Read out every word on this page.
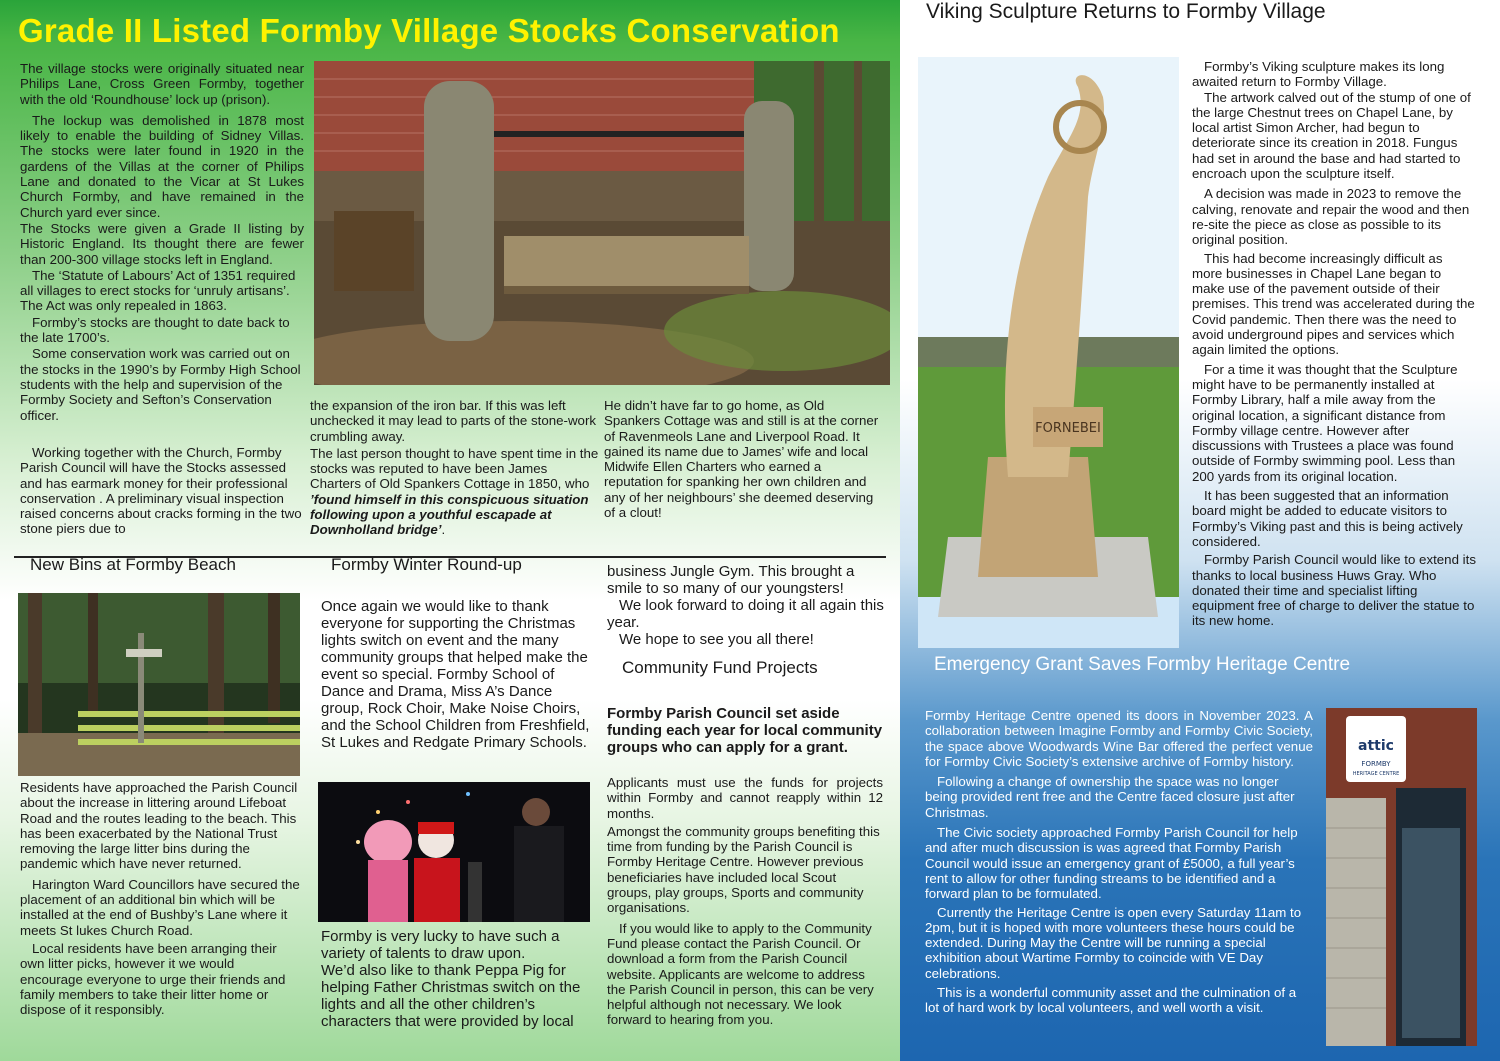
Grade II Listed Formby Village Stocks Conservation

The village stocks were originally situated near Philips Lane, Cross Green Formby, together with the old ‘Roundhouse’ lock up (prison).

The lockup was demolished in 1878 most likely to enable the building of Sidney Villas. The stocks were later found in 1920 in the gardens of the Villas at the corner of Philips Lane and donated to the Vicar at St Lukes Church Formby, and have remained in the Church yard ever since.

The Stocks were given a Grade II listing by Historic England. Its thought there are fewer than 200-300 village stocks left in England.

The ‘Statute of Labours’ Act of 1351 required all villages to erect stocks for ‘unruly artisans’. The Act was only repealed in 1863.

Formby’s stocks are thought to date back to the late 1700’s.

Some conservation work was carried out on the stocks in the 1990’s by Formby High School students with the help and supervision of the Formby Society and Sefton’s Conservation officer.

Working together with the Church, Formby Parish Council will have the Stocks assessed and has earmark money for their professional conservation . A preliminary visual inspection raised concerns about cracks forming in the two stone piers due to

the expansion of the iron bar. If this was left unchecked it may lead to parts of the stone-work crumbling away.

The last person thought to have spent time in the stocks was reputed to have been James Charters of Old Spankers Cottage in 1850, who ’found himself in this conspicuous situation following upon a youthful escapade at Downholland bridge’.

He didn’t have far to go home, as Old Spankers Cottage was and still is at the corner of Ravenmeols Lane and Liverpool Road. It gained its name due to James’ wife and local Midwife Ellen Charters who earned a reputation for spanking her own children and any of her neighbours’ she deemed deserving of a clout!

New Bins at Formby Beach

Residents have approached the Parish Council about the increase in littering around Lifeboat Road and the routes leading to the beach. This has been exacerbated by the National Trust removing the large litter bins during the pandemic which have never returned.

Harington Ward Councillors have secured the placement of an additional bin which will be installed at the end of Bushby’s Lane where it meets St lukes Church Road.

Local residents have been arranging their own litter picks, however it we would encourage everyone to urge their friends and family members to take their litter home or dispose of it responsibly.

Formby Winter Round-up

Once again we would like to thank everyone for supporting the Christmas lights switch on event and the many community groups that helped make the event so special. Formby School of Dance and Drama, Miss A’s Dance group, Rock Choir, Make Noise Choirs, and the School Children from Freshfield, St Lukes and Redgate Primary Schools.

Formby is very lucky to have such a variety of talents to draw upon.

We’d also like to thank Peppa Pig for helping Father Christmas switch on the lights and all the other children’s characters that were provided by local

business Jungle Gym. This brought a smile to so many of our youngsters!

We look forward to doing it all again this year.

We hope to see you all there!

Community Fund Projects
Formby Parish Council set aside funding each year for local community groups who can apply for a grant.

Applicants must use the funds for projects within Formby and cannot reapply within 12 months.

Amongst the community groups benefiting this time from funding by the Parish Council is Formby Heritage Centre. However previous beneficiaries have included local Scout groups, play groups, Sports and community organisations.

If you would like to apply to the Community Fund please contact the Parish Council. Or download a form from the Parish Council website. Applicants are welcome to address the Parish Council in person, this can be very helpful although not necessary. We look forward to hearing from you.

Viking Sculpture Returns to Formby Village
FORNEBEI

Formby’s Viking sculpture makes its long awaited return to Formby Village.

The artwork calved out of the stump of one of the large Chestnut trees on Chapel Lane, by local artist Simon Archer, had begun to deteriorate since its creation in 2018. Fungus had set in around the base and had started to encroach upon the sculpture itself.

A decision was made in 2023 to remove the calving, renovate and repair the wood and then re-site the piece as close as possible to its original position.

This had become increasingly difficult as more businesses in Chapel Lane began to make use of the pavement outside of their premises. This trend was accelerated during the Covid pandemic. Then there was the need to avoid underground pipes and services which again limited the options.

For a time it was thought that the Sculpture might have to be permanently installed at Formby Library, half a mile away from the original location, a significant distance from Formby village centre. However after discussions with Trustees a place was found outside of Formby swimming pool. Less than 200 yards from its original location.

It has been suggested that an information board might be added to educate visitors to Formby’s Viking past and this is being actively considered.

Formby Parish Council would like to extend its thanks to local business Huws Gray. Who donated their time and specialist lifting equipment free of charge to deliver the statue to its new home.

Emergency Grant Saves Formby Heritage Centre

Formby Heritage Centre opened its doors in November 2023. A collaboration between Imagine Formby and Formby Civic Society, the space above Woodwards Wine Bar offered the perfect venue for Formby Civic Society’s extensive archive of Formby history.

Following a change of ownership the space was no longer being provided rent free and the Centre faced closure just after Christmas.

The Civic society approached Formby Parish Council for help and after much discussion is was agreed that Formby Parish Council would issue an emergency grant of £5000, a full year’s rent to allow for other funding streams to be identified and a forward plan to be formulated.

Currently the Heritage Centre is open every Saturday 11am to 2pm, but it is hoped with more volunteers these hours could be extended. During May the Centre will be running a special exhibition about Wartime Formby to coincide with VE Day celebrations.

This is a wonderful community asset and the culmination of a lot of hard work by local volunteers, and well worth a visit.

attic
FORMBY
HERITAGE CENTRE
